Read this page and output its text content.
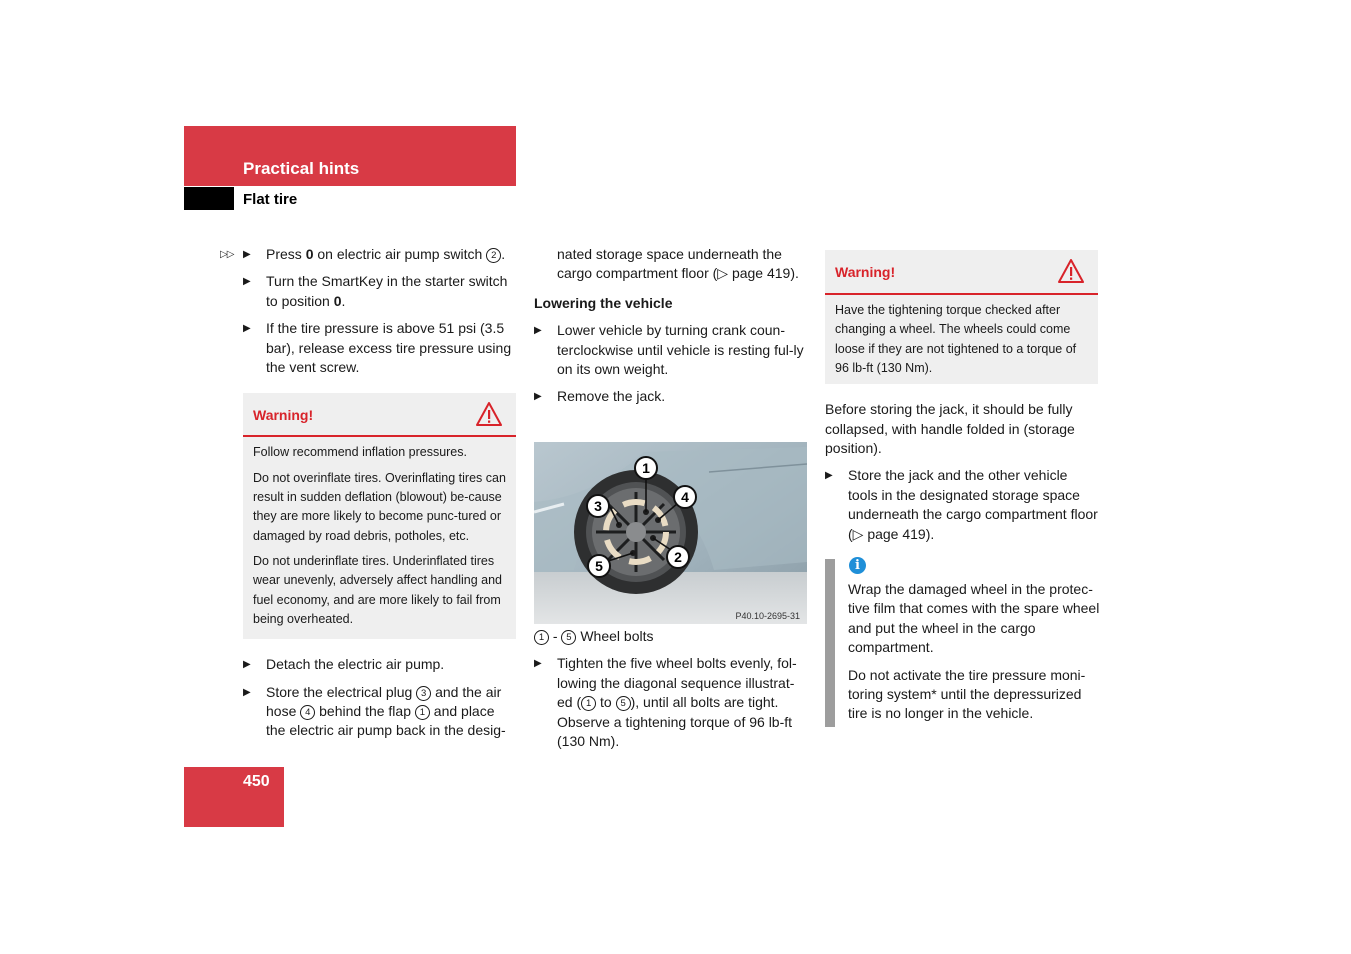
Practical hints
Flat tire
▷▷ ▶ Press 0 on electric air pump switch 2 .
▶ Turn the SmartKey in the starter switch to position 0.
▶ If the tire pressure is above 51 psi (3.5 bar), release excess tire pressure using the vent screw.
Warning!

Follow recommend inflation pressures.

Do not overinflate tires. Overinflating tires can result in sudden deflation (blowout) be-cause they are more likely to become punc-tured or damaged by road debris, potholes, etc.

Do not underinflate tires. Underinflated tires wear unevenly, adversely affect handling and fuel economy, and are more likely to fail from being overheated.

▶ Detach the electric air pump.
▶ Store the electrical plug 3 and the air hose 4 behind the flap 1 and place the electric air pump back in the desig-
nated storage space underneath the cargo compartment floor (▷ page 419).
Lowering the vehicle
▶ Lower vehicle by turning crank coun-terclockwise until vehicle is resting ful-ly on its own weight.
▶ Remove the jack.
1
2
3
4
5
P40.10-2695-31
1 - 5 Wheel bolts
▶ Tighten the five wheel bolts evenly, fol-lowing the diagonal sequence illustrat-ed ( 1 to 5 ), until all bolts are tight. Observe a tightening torque of 96 lb-ft (130 Nm).
Warning!

Have the tightening torque checked after changing a wheel. The wheels could come loose if they are not tightened to a torque of 96 lb-ft (130 Nm).

Before storing the jack, it should be fully collapsed, with handle folded in (storage position).
▶ Store the jack and the other vehicle tools in the designated storage space underneath the cargo compartment floor (▷ page 419).
i
Wrap the damaged wheel in the protec-tive film that comes with the spare wheel and put the wheel in the cargo compartment.
Do not activate the tire pressure moni-toring system* until the depressurized tire is no longer in the vehicle.
450
